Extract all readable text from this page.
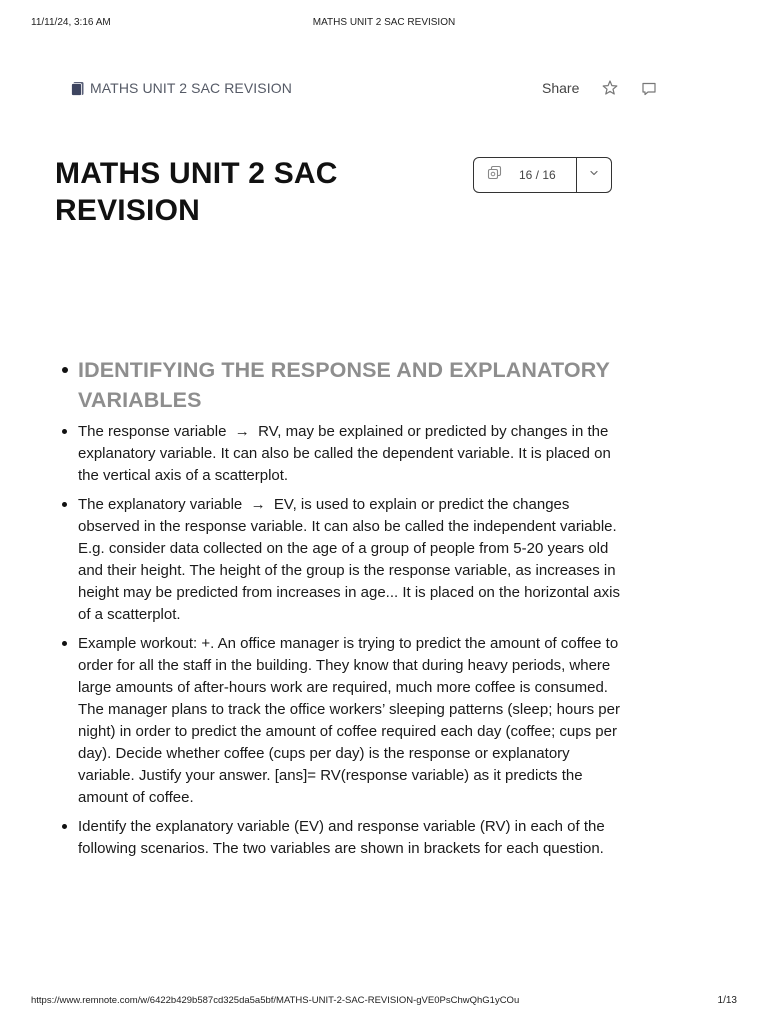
11/11/24, 3:16 AM	MATHS UNIT 2 SAC REVISION
MATHS UNIT 2 SAC REVISION	Share
MATHS UNIT 2 SAC REVISION
16 / 16
IDENTIFYING THE RESPONSE AND EXPLANATORY VARIABLES
The response variable  →  RV, may be explained or predicted by changes in the explanatory variable. It can also be called the dependent variable. It is placed on the vertical axis of a scatterplot.
The explanatory variable  →  EV, is used to explain or predict the changes observed in the response variable. It can also be called the independent variable. E.g. consider data collected on the age of a group of people from 5-20 years old and their height. The height of the group is the response variable, as increases in height may be predicted from increases in age... It is placed on the horizontal axis of a scatterplot.
Example workout: +. An office manager is trying to predict the amount of coffee to order for all the staff in the building. They know that during heavy periods, where large amounts of after-hours work are required, much more coffee is consumed. The manager plans to track the office workers’ sleeping patterns (sleep; hours per night) in order to predict the amount of coffee required each day (coffee; cups per day). Decide whether coffee (cups per day) is the response or explanatory variable. Justify your answer. [ans]= RV(response variable) as it predicts the amount of coffee.
Identify the explanatory variable (EV) and response variable (RV) in each of the following scenarios. The two variables are shown in brackets for each question.
https://www.remnote.com/w/6422b429b587cd325da5a5bf/MATHS-UNIT-2-SAC-REVISION-gVE0PsChwQhG1yCOu	1/13
